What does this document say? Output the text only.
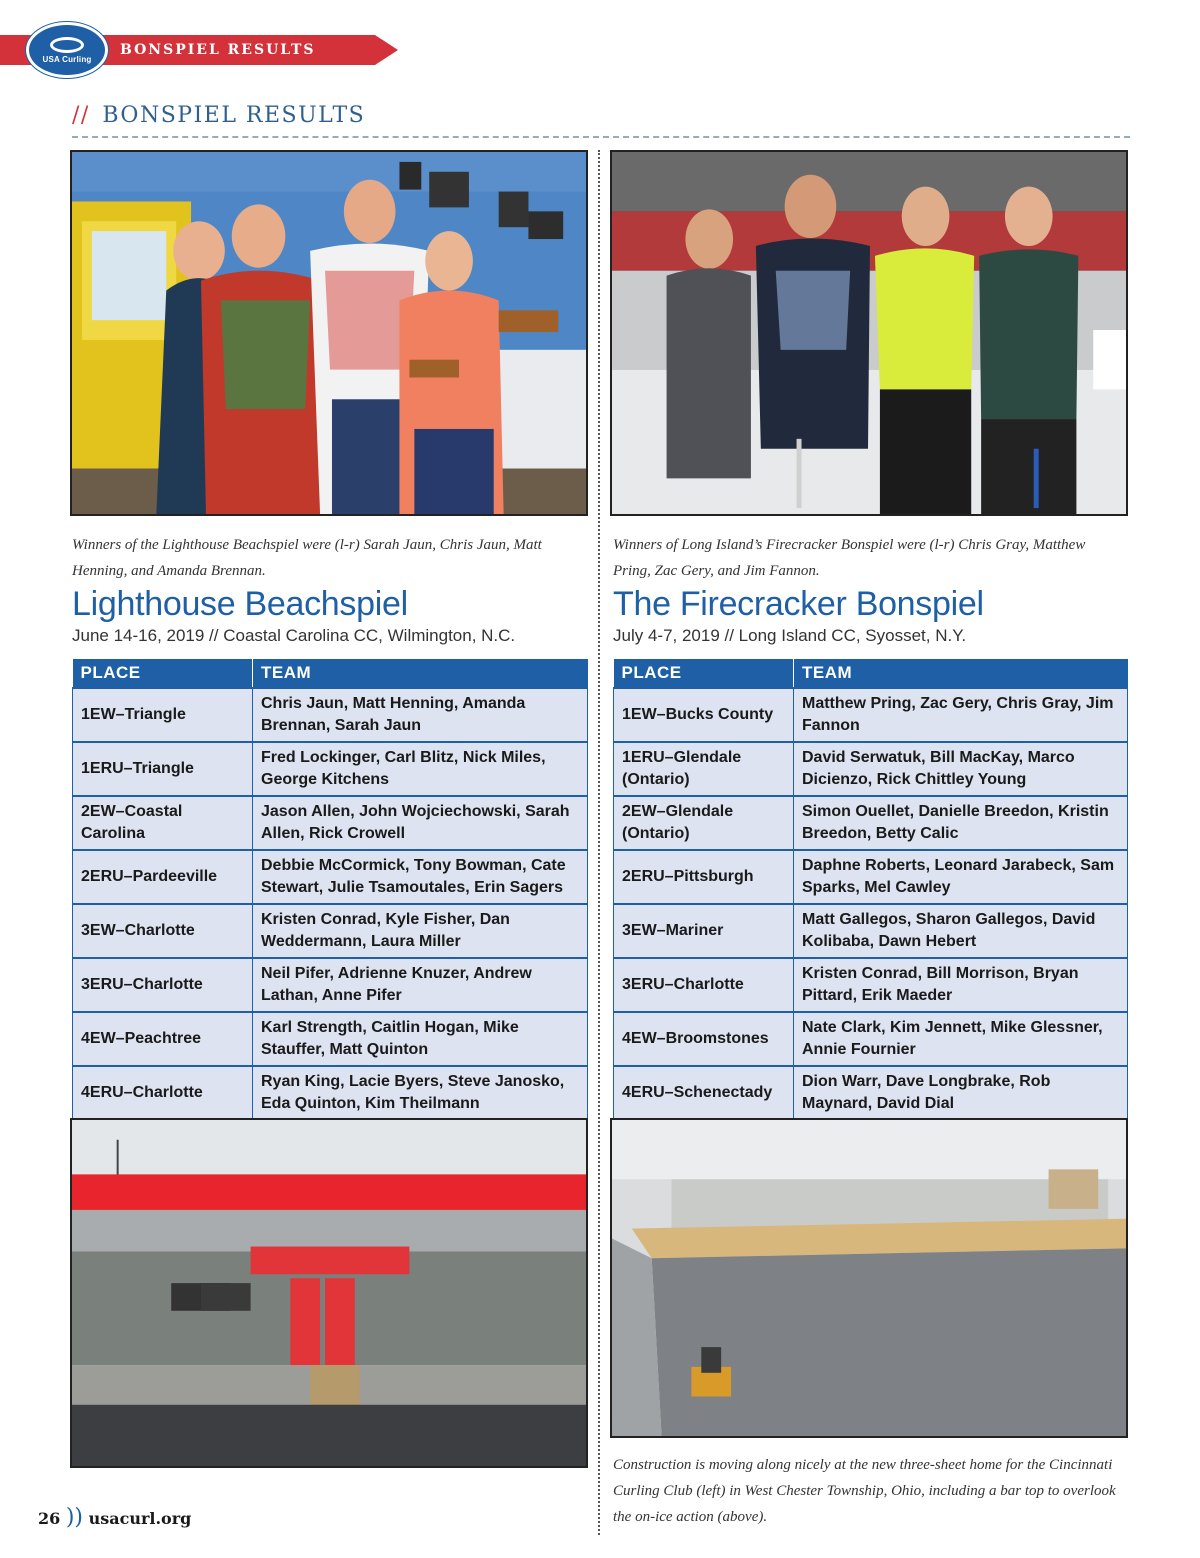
BONSPIEL RESULTS
USA Curling
// BONSPIEL RESULTS

Winners of the Lighthouse Beachspiel were (l-r) Sarah Jaun, Chris Jaun, Matt Henning, and Amanda Brennan.

Winners of Long Island’s Firecracker Bonspiel were (l-r) Chris Gray, Matthew Pring, Zac Gery, and Jim Fannon.

Lighthouse Beachspiel

June 14-16, 2019 // Coastal Carolina CC, Wilmington, N.C.

The Firecracker Bonspiel

July 4-7, 2019 // Long Island CC, Syosset, N.Y.

PLACE	TEAM
1EW–Triangle	Chris Jaun, Matt Henning, Amanda Brennan, Sarah Jaun
1ERU–Triangle	Fred Lockinger, Carl Blitz, Nick Miles, George Kitchens
2EW–Coastal Carolina	Jason Allen, John Wojciechowski, Sarah Allen, Rick Crowell
2ERU–Pardeeville	Debbie McCormick, Tony Bowman, Cate Stewart, Julie Tsamoutales, Erin Sagers
3EW–Charlotte	Kristen Conrad, Kyle Fisher, Dan Weddermann, Laura Miller
3ERU–Charlotte	Neil Pifer, Adrienne Knuzer, Andrew Lathan, Anne Pifer
4EW–Peachtree	Karl Strength, Caitlin Hogan, Mike Stauffer, Matt Quinton
4ERU–Charlotte	Ryan King, Lacie Byers, Steve Janosko, Eda Quinton, Kim Theilmann
PLACE	TEAM
1EW–Bucks County	Matthew Pring, Zac Gery, Chris Gray, Jim Fannon
1ERU–Glendale (Ontario)	David Serwatuk, Bill MacKay, Marco Dicienzo, Rick Chittley Young
2EW–Glendale (Ontario)	Simon Ouellet, Danielle Breedon, Kristin Breedon, Betty Calic
2ERU–Pittsburgh	Daphne Roberts, Leonard Jarabeck, Sam Sparks, Mel Cawley
3EW–Mariner	Matt Gallegos, Sharon Gallegos, David Kolibaba, Dawn Hebert
3ERU–Charlotte	Kristen Conrad, Bill Morrison, Bryan Pittard, Erik Maeder
4EW–Broomstones	Nate Clark, Kim Jennett, Mike Glessner, Annie Fournier
4ERU–Schenectady	Dion Warr, Dave Longbrake, Rob Maynard, David Dial

Construction is moving along nicely at the new three-sheet home for the Cincinnati Curling Club (left) in West Chester Township, Ohio, including a bar top to overlook the on-ice action (above).

26 )) usacurl.org
